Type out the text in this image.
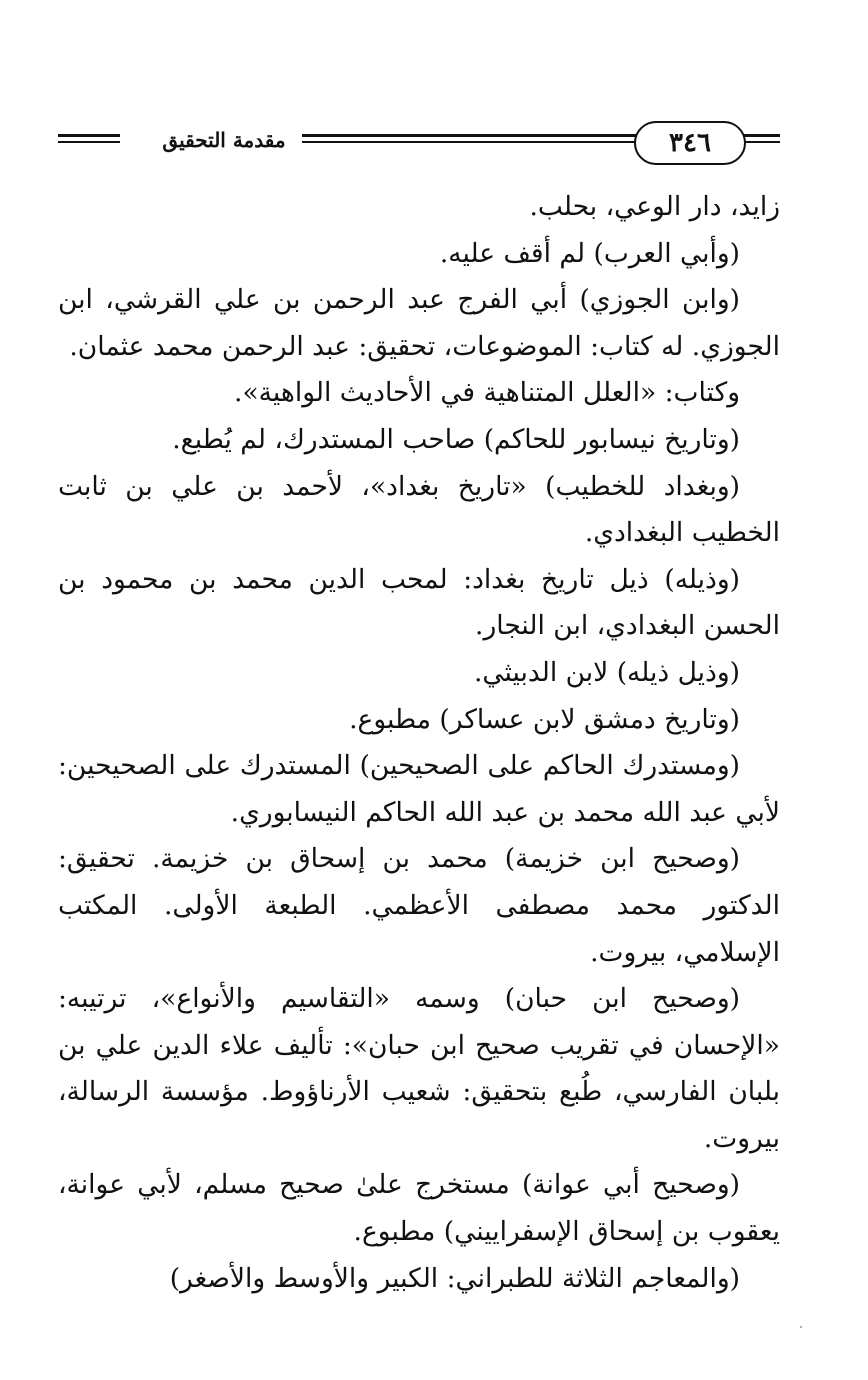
مقدمة التحقيق	٣٤٦

زايد، دار الوعي، بحلب.

(وأبي العرب) لم أقف عليه.

(وابن الجوزي) أبي الفرج عبد الرحمن بن علي القرشي، ابن الجوزي. له كتاب: الموضوعات، تحقيق: عبد الرحمن محمد عثمان.

وكتاب: «العلل المتناهية في الأحاديث الواهية».

(وتاريخ نيسابور للحاكم) صاحب المستدرك، لم يُطبع.

(وبغداد للخطيب) «تاريخ بغداد»، لأحمد بن علي بن ثابت الخطيب البغدادي.

(وذيله) ذيل تاريخ بغداد: لمحب الدين محمد بن محمود بن الحسن البغدادي، ابن النجار.

(وذيل ذيله) لابن الدبيثي.

(وتاريخ دمشق لابن عساكر) مطبوع.

(ومستدرك الحاكم على الصحيحين) المستدرك على الصحيحين: لأبي عبد الله محمد بن عبد الله الحاكم النيسابوري.

(وصحيح ابن خزيمة) محمد بن إسحاق بن خزيمة. تحقيق: الدكتور محمد مصطفى الأعظمي. الطبعة الأولى. المكتب الإسلامي، بيروت.

(وصحيح ابن حبان) وسمه «التقاسيم والأنواع»، ترتيبه: «الإحسان في تقريب صحيح ابن حبان»: تأليف علاء الدين علي بن بلبان الفارسي، طُبع بتحقيق: شعيب الأرناؤوط. مؤسسة الرسالة، بيروت.

(وصحيح أبي عوانة) مستخرج علىٰ صحيح مسلم، لأبي عوانة، يعقوب بن إسحاق الإسفراييني) مطبوع.

(والمعاجم الثلاثة للطبراني: الكبير والأوسط والأصغر)
